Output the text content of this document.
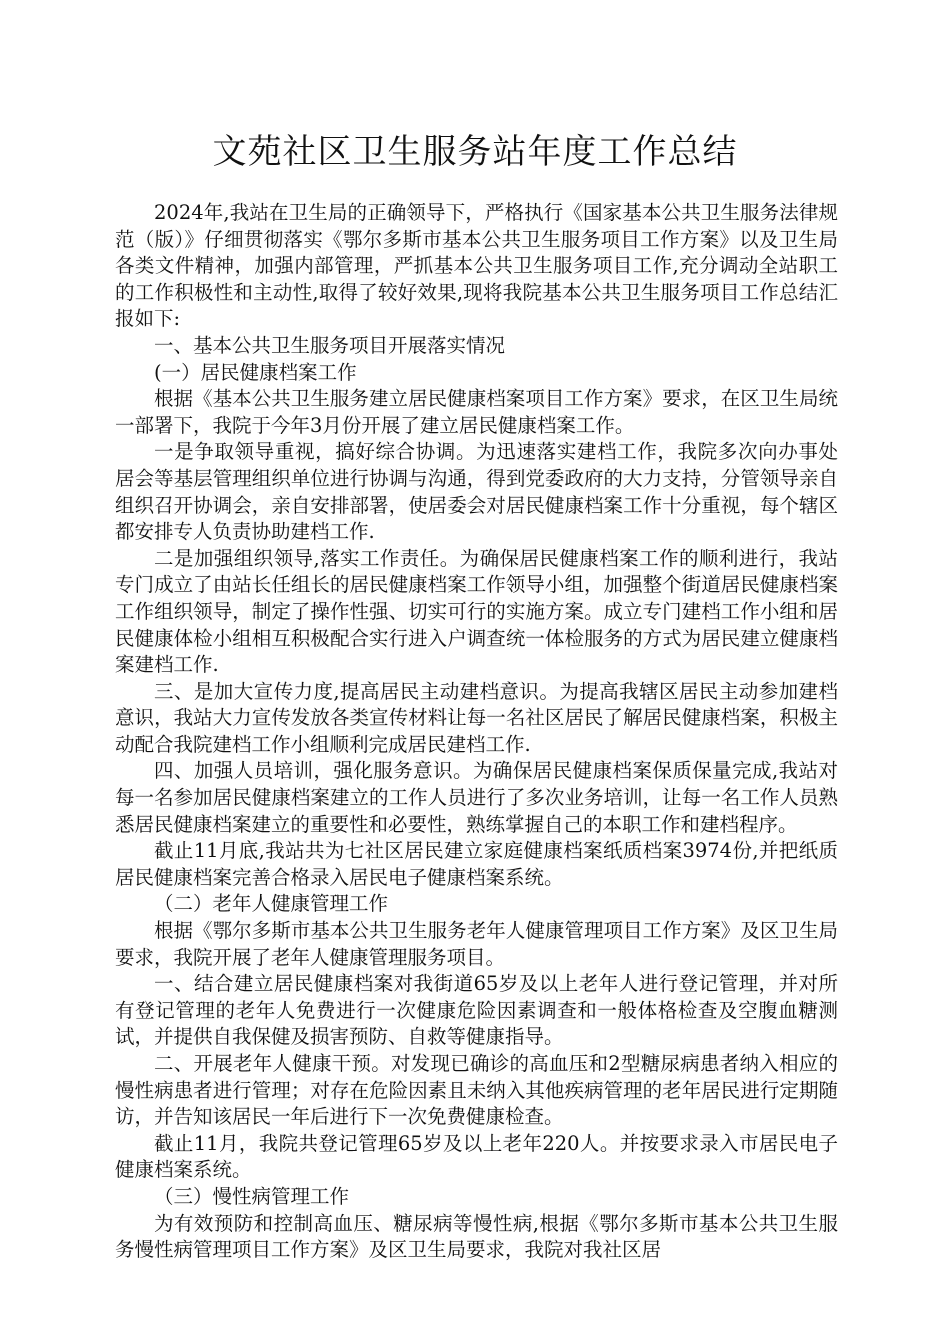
文苑社区卫生服务站年度工作总结

2024年,我站在卫生局的正确领导下，严格执行《国家基本公共卫生服务法律规范（版）》仔细贯彻落实《鄂尔多斯市基本公共卫生服务项目工作方案》以及卫生局各类文件精神，加强内部管理，严抓基本公共卫生服务项目工作,充分调动全站职工的工作积极性和主动性,取得了较好效果,现将我院基本公共卫生服务项目工作总结汇报如下:

一、基本公共卫生服务项目开展落实情况

(一）居民健康档案工作

根据《基本公共卫生服务建立居民健康档案项目工作方案》要求，在区卫生局统一部署下，我院于今年3月份开展了建立居民健康档案工作。

一是争取领导重视，搞好综合协调。为迅速落实建档工作，我院多次向办事处 居会等基层管理组织单位进行协调与沟通，得到党委政府的大力支持，分管领导亲自组织召开协调会，亲自安排部署，使居委会对居民健康档案工作十分重视，每个辖区都安排专人负责协助建档工作.

二是加强组织领导,落实工作责任。为确保居民健康档案工作的顺利进行，我站专门成立了由站长任组长的居民健康档案工作领导小组，加强整个街道居民健康档案工作组织领导，制定了操作性强、切实可行的实施方案。成立专门建档工作小组和居民健康体检小组相互积极配合实行进入户调查统一体检服务的方式为居民建立健康档案建档工作.

三、是加大宣传力度,提高居民主动建档意识。为提高我辖区居民主动参加建档意识，我站大力宣传发放各类宣传材料让每一名社区居民了解居民健康档案，积极主动配合我院建档工作小组顺利完成居民建档工作.

四、加强人员培训，强化服务意识。为确保居民健康档案保质保量完成,我站对每一名参加居民健康档案建立的工作人员进行了多次业务培训，让每一名工作人员熟悉居民健康档案建立的重要性和必要性，熟练掌握自己的本职工作和建档程序。

截止11月底,我站共为七社区居民建立家庭健康档案纸质档案3974份,并把纸质居民健康档案完善合格录入居民电子健康档案系统。

（二）老年人健康管理工作

根据《鄂尔多斯市基本公共卫生服务老年人健康管理项目工作方案》及区卫生局要求，我院开展了老年人健康管理服务项目。

一、结合建立居民健康档案对我街道65岁及以上老年人进行登记管理，并对所有登记管理的老年人免费进行一次健康危险因素调查和一般体格检查及空腹血糖测试，并提供自我保健及损害预防、自救等健康指导。

二、开展老年人健康干预。对发现已确诊的高血压和2型糖尿病患者纳入相应的慢性病患者进行管理；对存在危险因素且未纳入其他疾病管理的老年居民进行定期随访，并告知该居民一年后进行下一次免费健康检查。

截止11月，我院共登记管理65岁及以上老年220人。并按要求录入市居民电子健康档案系统。

（三）慢性病管理工作

为有效预防和控制高血压、糖尿病等慢性病,根据《鄂尔多斯市基本公共卫生服务慢性病管理项目工作方案》及区卫生局要求，我院对我社区居
